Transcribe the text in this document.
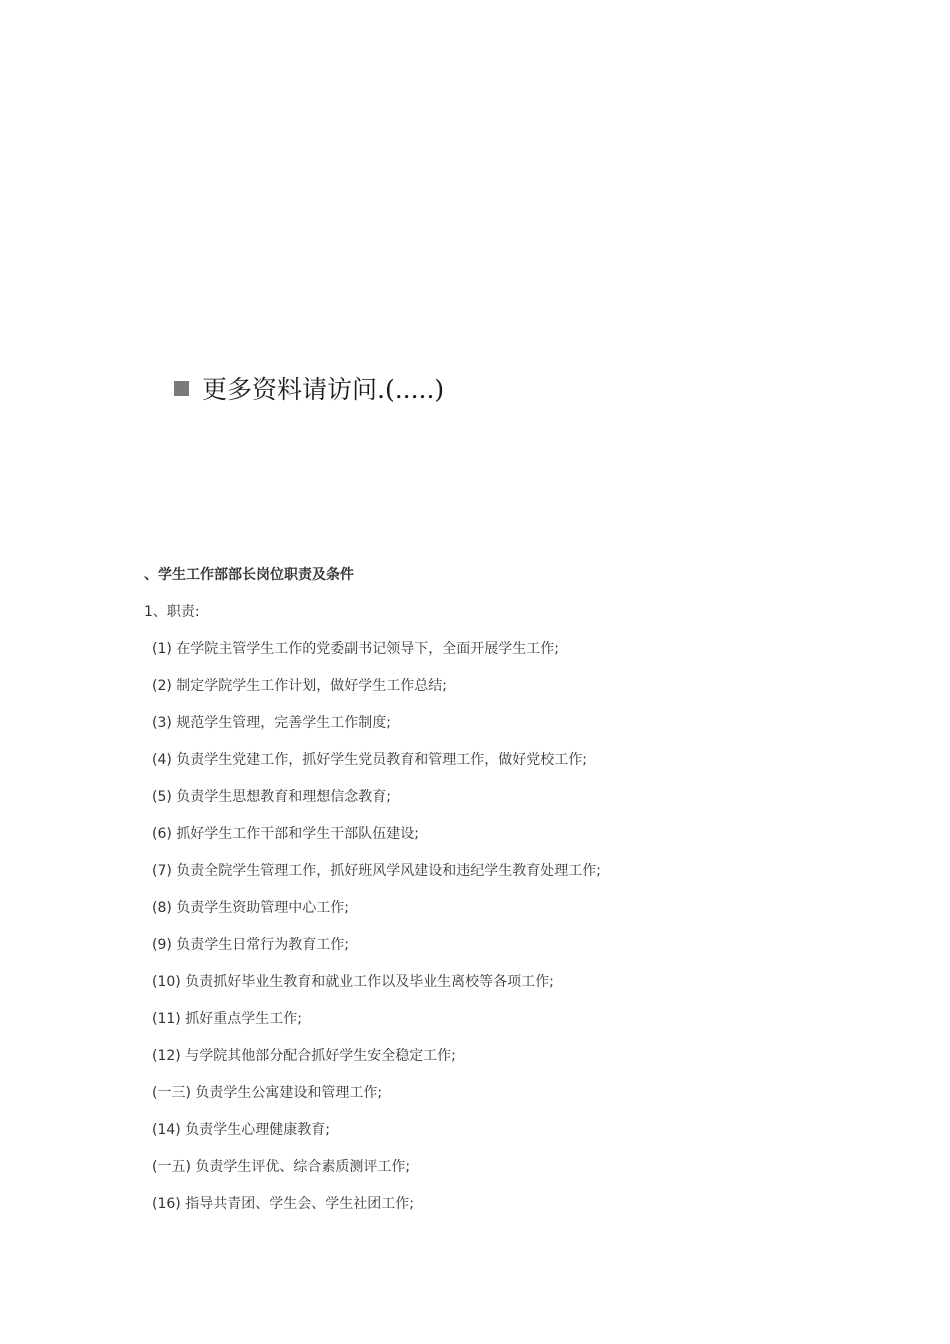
更多资料请访问.(.....)
、学生工作部部长岗位职责及条件
1、职责:
(1) 在学院主管学生工作的党委副书记领导下，全面开展学生工作;
(2) 制定学院学生工作计划，做好学生工作总结;
(3) 规范学生管理，完善学生工作制度;
(4) 负责学生党建工作，抓好学生党员教育和管理工作，做好党校工作;
(5) 负责学生思想教育和理想信念教育;
(6) 抓好学生工作干部和学生干部队伍建设;
(7) 负责全院学生管理工作，抓好班风学风建设和违纪学生教育处理工作;
(8) 负责学生资助管理中心工作;
(9) 负责学生日常行为教育工作;
(10) 负责抓好毕业生教育和就业工作以及毕业生离校等各项工作;
(11) 抓好重点学生工作;
(12) 与学院其他部分配合抓好学生安全稳定工作;
(一三) 负责学生公寓建设和管理工作;
(14) 负责学生心理健康教育;
(一五) 负责学生评优、综合素质测评工作;
(16) 指导共青团、学生会、学生社团工作;
